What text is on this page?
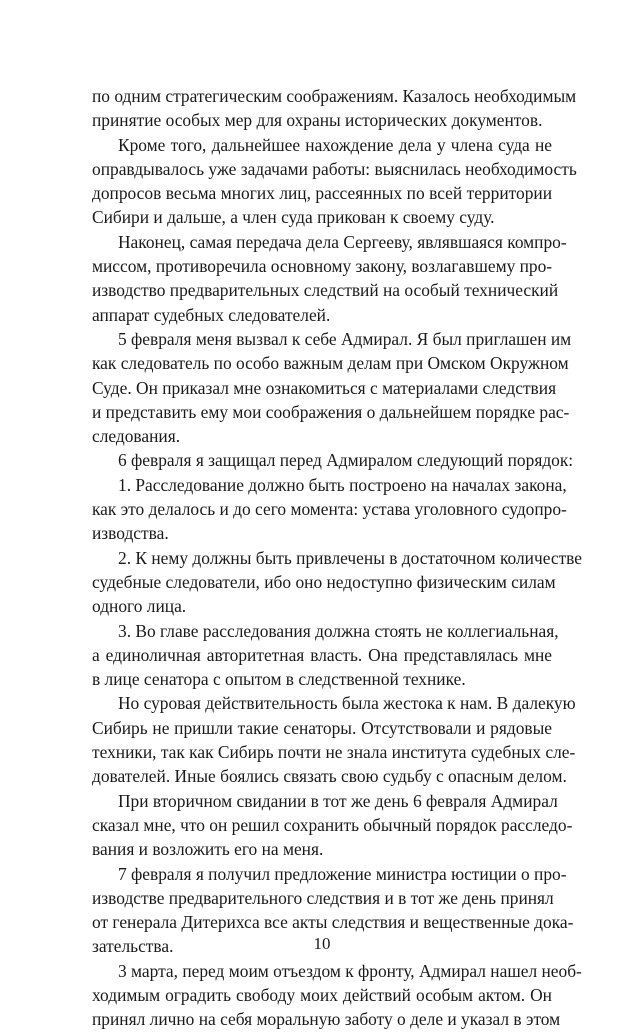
по одним стратегическим соображениям. Казалось необходимым
принятие особых мер для охраны исторических документов.
Кроме того, дальнейшее нахождение дела у члена суда не
оправдывалось уже задачами работы: выяснилась необходимость
допросов весьма многих лиц, рассеянных по всей территории
Сибири и дальше, а член суда прикован к своему суду.
Наконец, самая передача дела Сергееву, являвшаяся компро-
миссом, противоречила основному закону, возлагавшему про-
изводство предварительных следствий на особый технический
аппарат судебных следователей.
5 февраля меня вызвал к себе Адмирал. Я был приглашен им
как следователь по особо важным делам при Омском Окружном
Суде. Он приказал мне ознакомиться с материалами следствия
и представить ему мои соображения о дальнейшем порядке рас-
следования.
6 февраля я защищал перед Адмиралом следующий порядок:
1. Расследование должно быть построено на началах закона,
как это делалось и до сего момента: устава уголовного судопро-
изводства.
2. К нему должны быть привлечены в достаточном количестве
судебные следователи, ибо оно недоступно физическим силам
одного лица.
3. Во главе расследования должна стоять не коллегиальная,
а единоличная авторитетная власть. Она представлялась мне
в лице сенатора с опытом в следственной технике.
Но суровая действительность была жестока к нам. В далекую
Сибирь не пришли такие сенаторы. Отсутствовали и рядовые
техники, так как Сибирь почти не знала института судебных сле-
дователей. Иные боялись связать свою судьбу с опасным делом.
При вторичном свидании в тот же день 6 февраля Адмирал
сказал мне, что он решил сохранить обычный порядок расследо-
вания и возложить его на меня.
7 февраля я получил предложение министра юстиции о про-
изводстве предварительного следствия и в тот же день принял
от генерала Дитерихса все акты следствия и вещественные дока-
зательства.
3 марта, перед моим отъездом к фронту, Адмирал нашел необ-
ходимым оградить свободу моих действий особым актом. Он
принял лично на себя моральную заботу о деле и указал в этом
10
